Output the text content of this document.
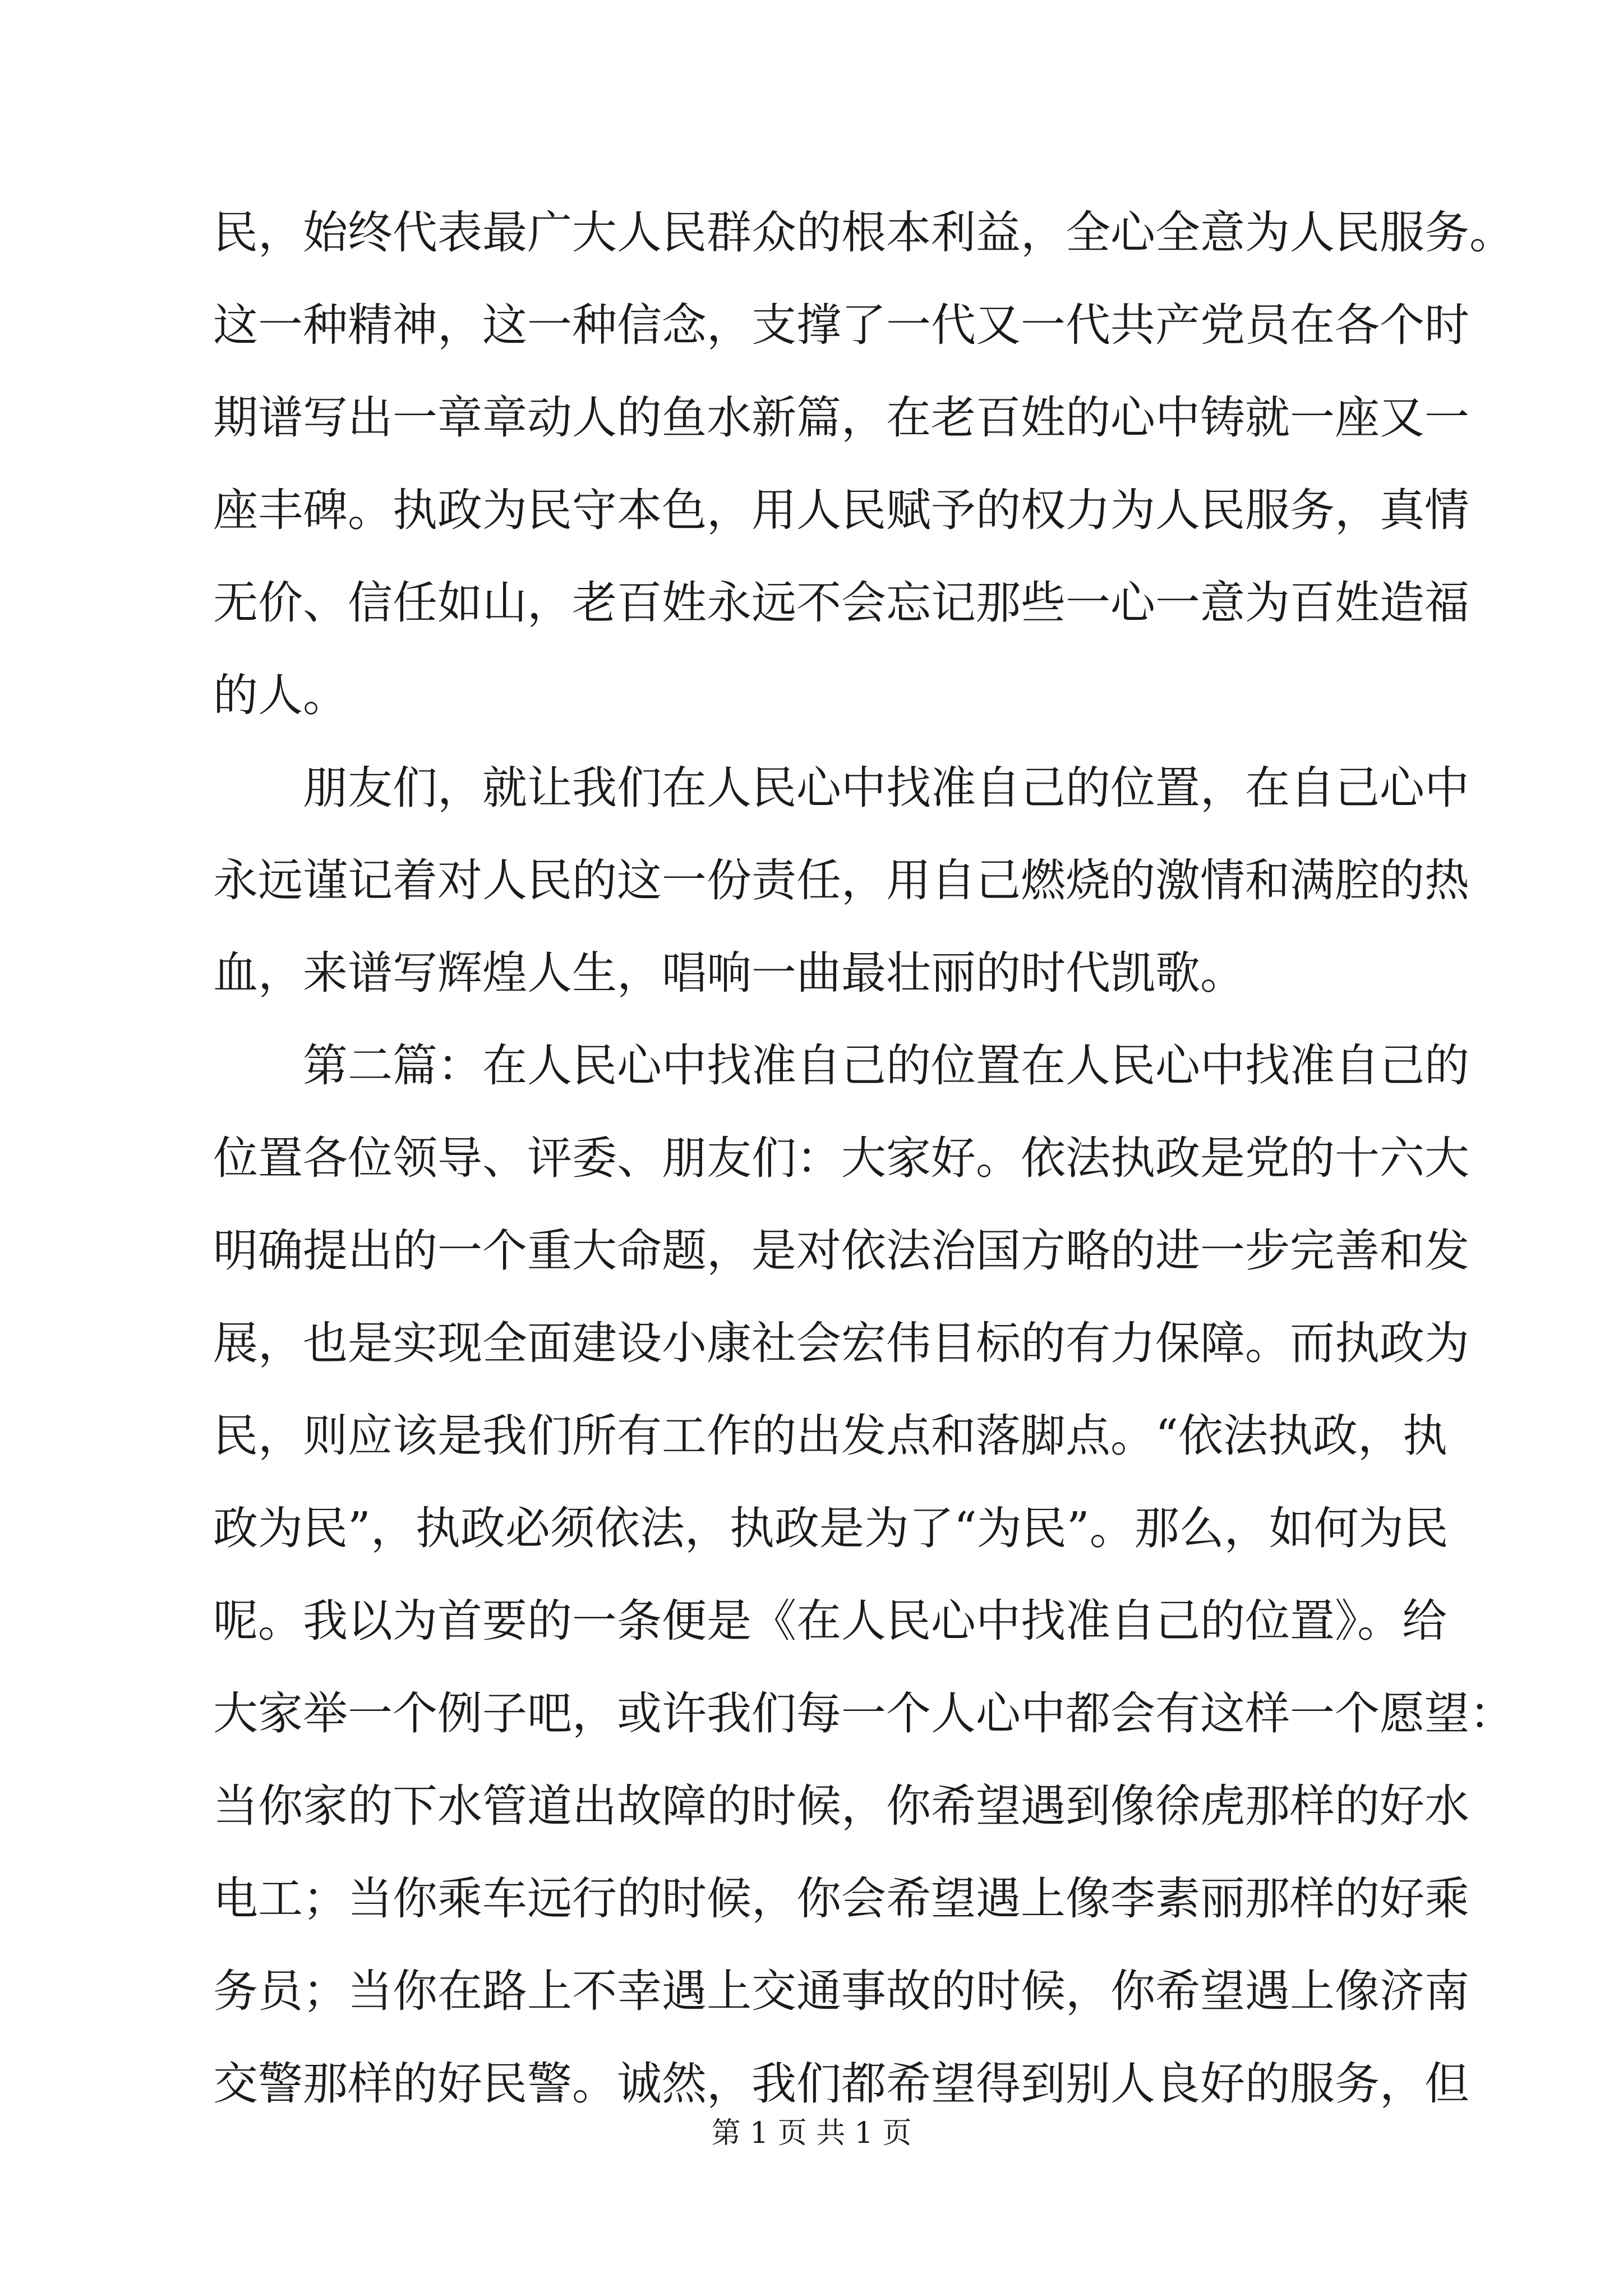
民，始终代表最广大人民群众的根本利益，全心全意为人民服务。
这一种精神，这一种信念，支撑了一代又一代共产党员在各个时
期谱写出一章章动人的鱼水新篇，在老百姓的心中铸就一座又一
座丰碑。执政为民守本色，用人民赋予的权力为人民服务，真情
无价、信任如山，老百姓永远不会忘记那些一心一意为百姓造福
的人。
朋友们，就让我们在人民心中找准自己的位置，在自己心中
永远谨记着对人民的这一份责任，用自己燃烧的激情和满腔的热
血，来谱写辉煌人生，唱响一曲最壮丽的时代凯歌。
第二篇：在人民心中找准自己的位置在人民心中找准自己的
位置各位领导、评委、朋友们：大家好。依法执政是党的十六大
明确提出的一个重大命题，是对依法治国方略的进一步完善和发
展，也是实现全面建设小康社会宏伟目标的有力保障。而执政为
民，则应该是我们所有工作的出发点和落脚点。“依法执政，执
政为民”，执政必须依法，执政是为了“为民”。那么，如何为民
呢。我以为首要的一条便是《在人民心中找准自己的位置》。给
大家举一个例子吧，或许我们每一个人心中都会有这样一个愿望：
当你家的下水管道出故障的时候，你希望遇到像徐虎那样的好水
电工；当你乘车远行的时候，你会希望遇上像李素丽那样的好乘
务员；当你在路上不幸遇上交通事故的时候，你希望遇上像济南
交警那样的好民警。诚然，我们都希望得到别人良好的服务，但
第 1 页 共 1 页
